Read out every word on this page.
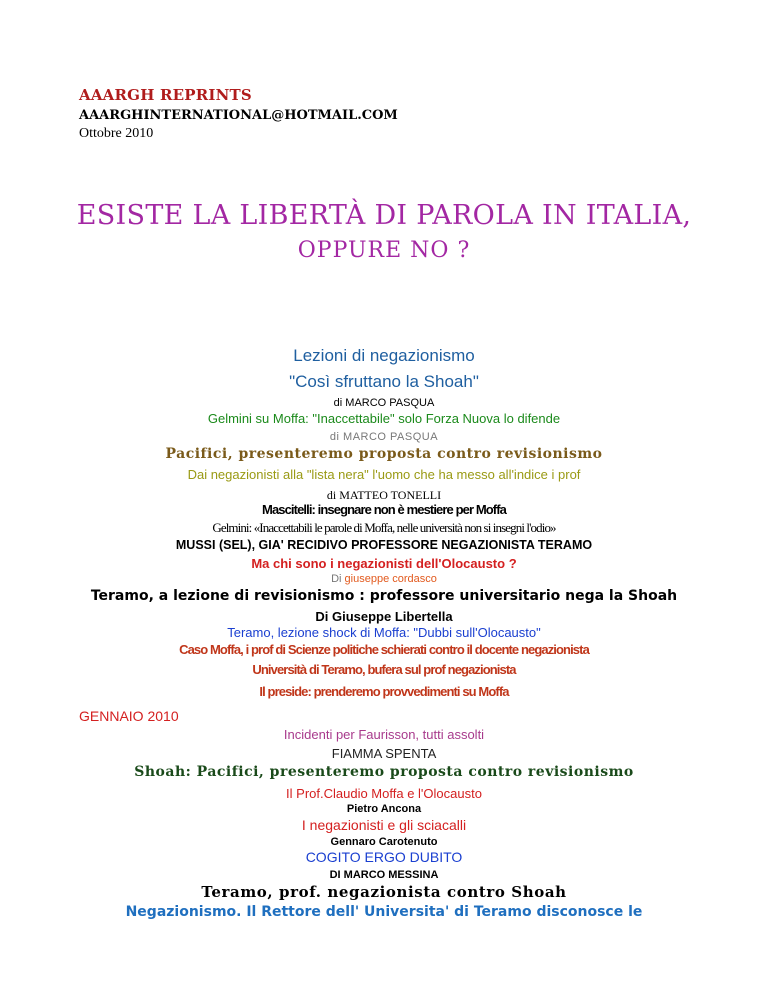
AAARGH REPRINTS
AAARGHINTERNATIONAL@HOTMAIL.COM
Ottobre 2010
ESISTE LA LIBERTÀ DI PAROLA IN ITALIA,
OPPURE NO ?
Lezioni di negazionismo
"Così sfruttano la Shoah"
di MARCO PASQUA
Gelmini su Moffa: "Inaccettabile" solo Forza Nuova lo difende
di MARCO PASQUA
Pacifici, presenteremo proposta contro revisionismo
Dai negazionisti alla "lista nera" l'uomo che ha messo all'indice i prof
di MATTEO TONELLI
Mascitelli: insegnare non è mestiere per Moffa
Gelmini: «Inaccettabili le parole di Moffa, nelle università non si insegni l'odio»
MUSSI (SEL), GIA' RECIDIVO PROFESSORE NEGAZIONISTA TERAMO
Ma chi sono i negazionisti dell'Olocausto ?
Di giuseppe cordasco
Teramo, a lezione di revisionismo : professore universitario nega la Shoah
Di Giuseppe Libertella
Teramo, lezione shock di Moffa: "Dubbi sull'Olocausto"
Caso Moffa, i prof di Scienze politiche schierati contro il docente negazionista
Università di Teramo, bufera sul prof negazionista
Il preside: prenderemo provvedimenti su Moffa
GENNAIO 2010
Incidenti per Faurisson, tutti assolti
FIAMMA SPENTA
Shoah: Pacifici, presenteremo proposta contro revisionismo
Il Prof.Claudio Moffa e l'Olocausto
Pietro Ancona
I negazionisti e gli sciacalli
Gennaro Carotenuto
COGITO ERGO DUBITO
DI MARCO MESSINA
Teramo, prof. negazionista contro Shoah
Negazionismo. Il Rettore dell' Universita' di Teramo disconosce le
